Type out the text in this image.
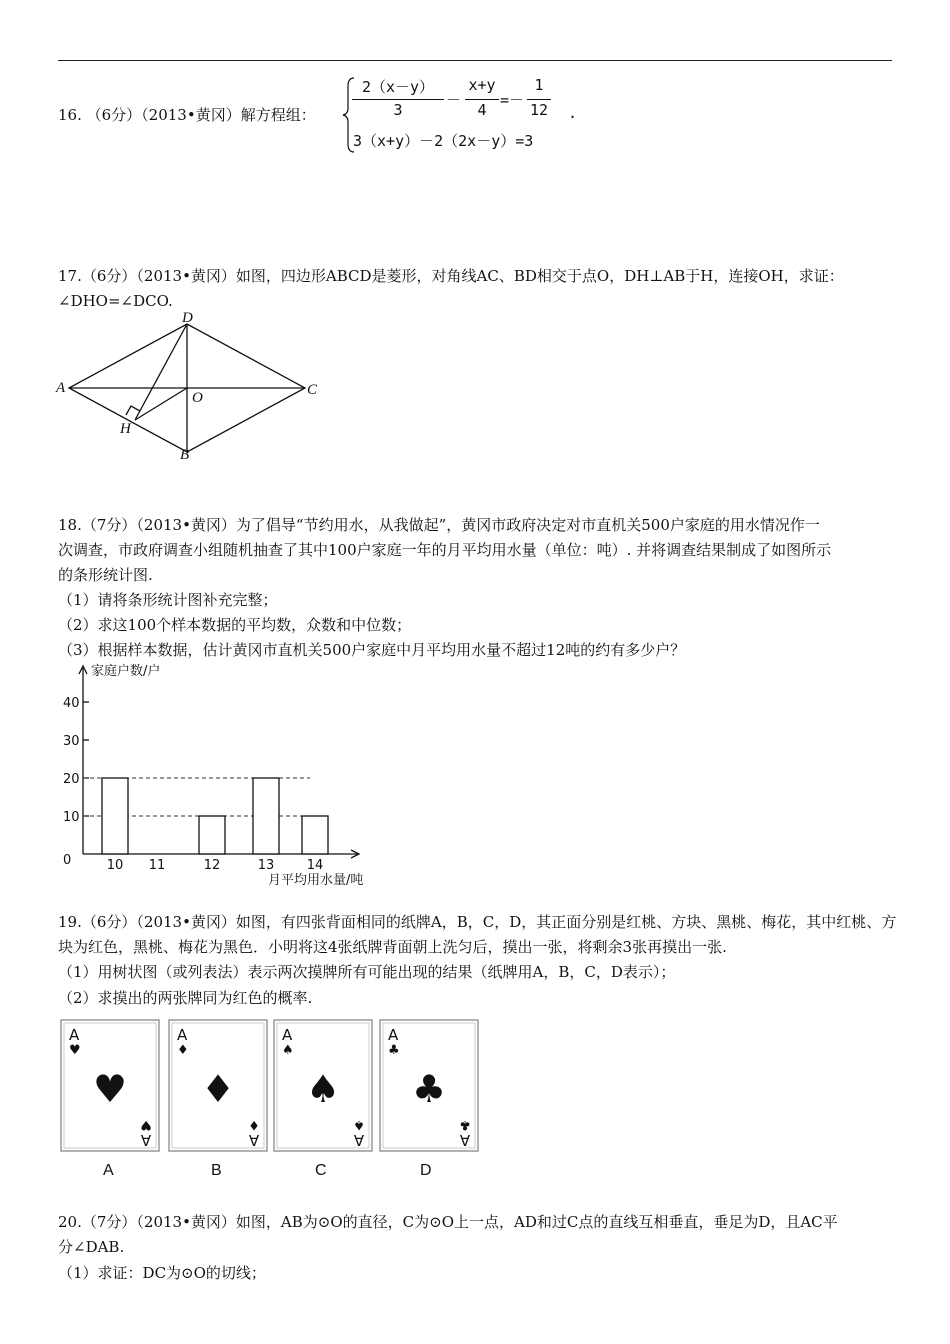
16. （6分）（2013•黄冈）解方程组：
2（x－y）
3
－
x+y
4
=－
1
12 .
3（x+y）－2（2x－y）=3
17.（6分）（2013•黄冈）如图，四边形ABCD是菱形，对角线AC、BD相交于点O，DH⊥AB于H，连接OH，求证：
∠DHO=∠DCO.
A
D
C
B
O
H
18.（7分）（2013•黄冈）为了倡导“节约用水，从我做起”，黄冈市政府决定对市直机关500户家庭的用水情况作一
次调查，市政府调查小组随机抽查了其中100户家庭一年的月平均用水量（单位：吨）. 并将调查结果制成了如图所示
的条形统计图.
（1）请将条形统计图补充完整；
（2）求这100个样本数据的平均数，众数和中位数；
（3）根据样本数据，估计黄冈市直机关500户家庭中月平均用水量不超过12吨的约有多少户？
0
10
20
30
40
10 11	12	13 14
家庭户数/户
月平均用水量/吨
19.（6分）（2013•黄冈）如图，有四张背面相同的纸牌A，B，C，D，其正面分别是红桃、方块、黑桃、梅花，其中红桃、方
块为红色，黑桃、梅花为黑色．小明将这4张纸牌背面朝上洗匀后，摸出一张，将剩余3张再摸出一张.
（1）用树状图（或列表法）表示两次摸牌所有可能出现的结果（纸牌用A，B，C，D表示）；
（2）求摸出的两张牌同为红色的概率.
A
♥
♥
A
♥
A
♦
♦
A
♦
A
♠
♠
A
♠
A
♣
♣
A
♣
A	B	C	D
20.（7分）（2013•黄冈）如图，AB为⊙O的直径，C为⊙O上一点，AD和过C点的直线互相垂直，垂足为D，且AC平
分∠DAB.
（1）求证：DC为⊙O的切线；
